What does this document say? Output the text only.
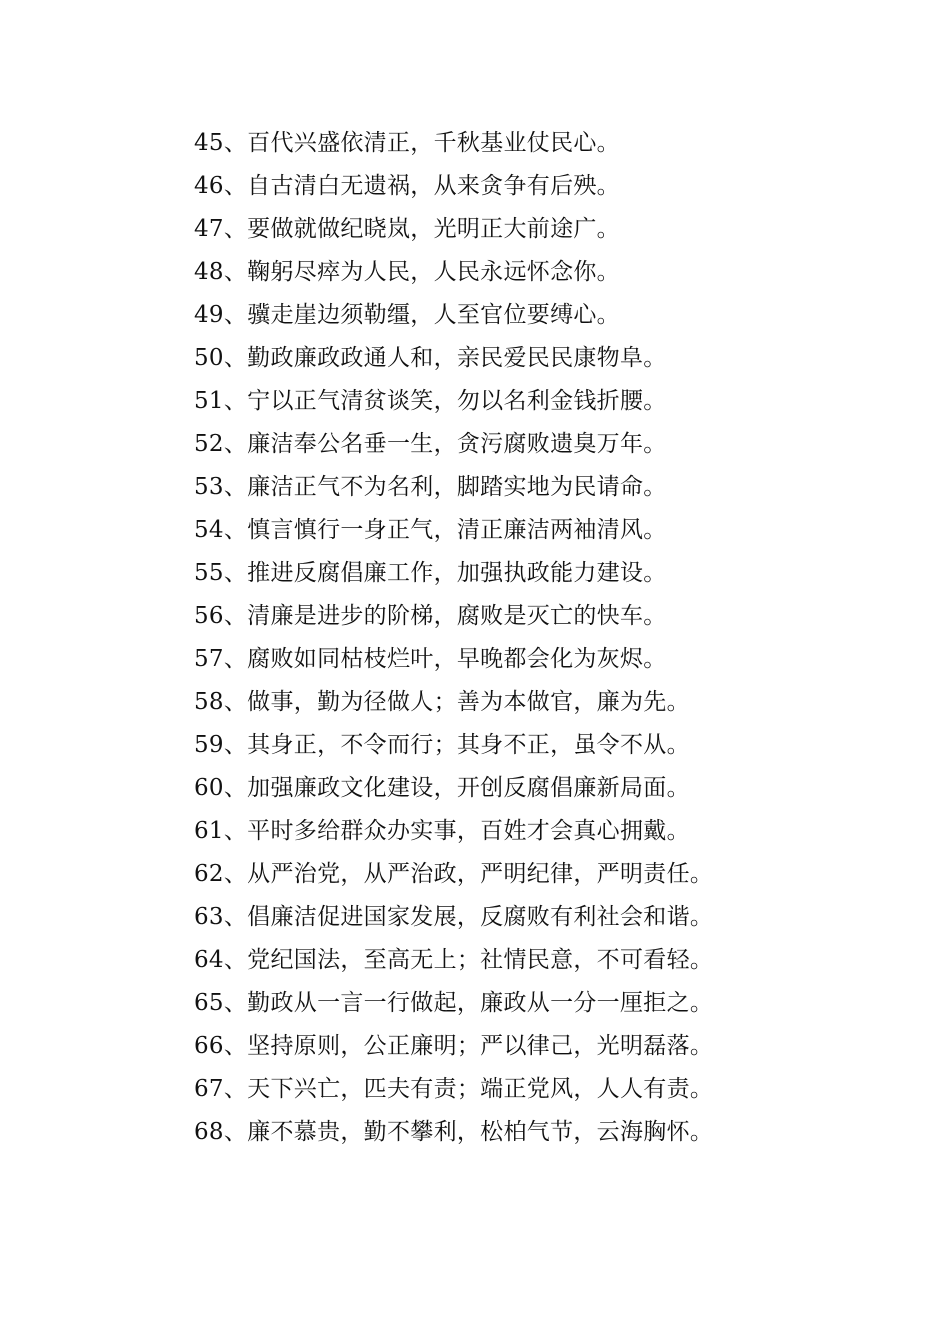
45、百代兴盛依清正，千秋基业仗民心。
46、自古清白无遗祸，从来贪争有后殃。
47、要做就做纪晓岚，光明正大前途广。
48、鞠躬尽瘁为人民，人民永远怀念你。
49、骥走崖边须勒缰，人至官位要缚心。
50、勤政廉政政通人和，亲民爱民民康物阜。
51、宁以正气清贫谈笑，勿以名利金钱折腰。
52、廉洁奉公名垂一生，贪污腐败遗臭万年。
53、廉洁正气不为名利，脚踏实地为民请命。
54、慎言慎行一身正气，清正廉洁两袖清风。
55、推进反腐倡廉工作，加强执政能力建设。
56、清廉是进步的阶梯，腐败是灭亡的快车。
57、腐败如同枯枝烂叶，早晚都会化为灰烬。
58、做事，勤为径做人；善为本做官，廉为先。
59、其身正，不令而行；其身不正，虽令不从。
60、加强廉政文化建设，开创反腐倡廉新局面。
61、平时多给群众办实事，百姓才会真心拥戴。
62、从严治党，从严治政，严明纪律，严明责任。
63、倡廉洁促进国家发展，反腐败有利社会和谐。
64、党纪国法，至高无上；社情民意，不可看轻。
65、勤政从一言一行做起，廉政从一分一厘拒之。
66、坚持原则，公正廉明；严以律己，光明磊落。
67、天下兴亡，匹夫有责；端正党风，人人有责。
68、廉不慕贵，勤不攀利，松柏气节，云海胸怀。
